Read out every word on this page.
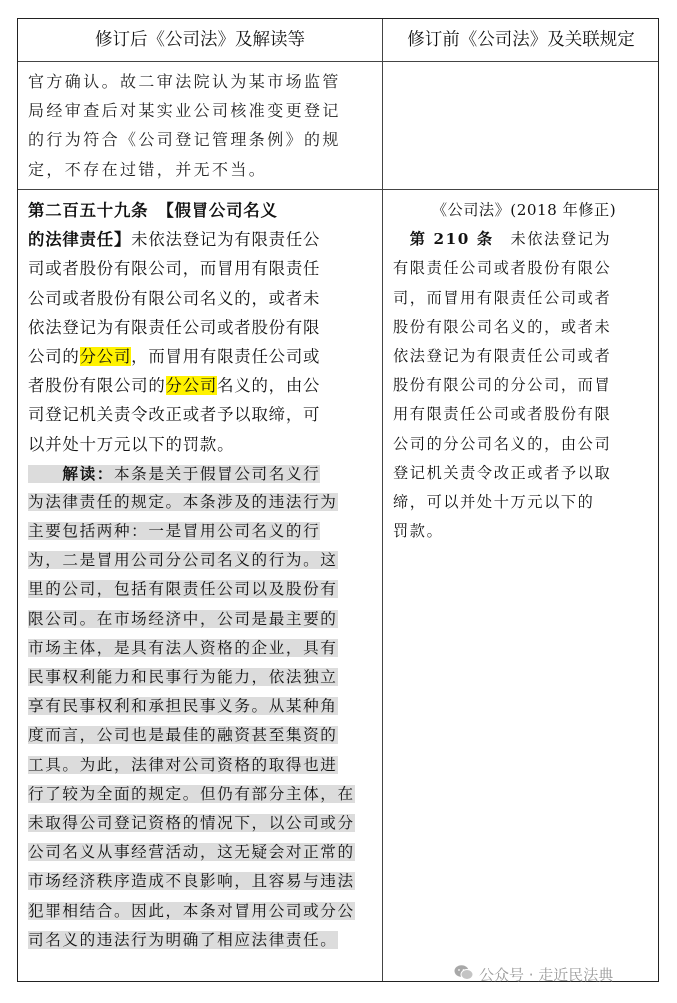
修订后《公司法》及解读等	修订前《公司法》及关联规定
官方确认。故二审法院认为某市场监管
局经审查后对某实业公司核准变更登记
的行为符合《公司登记管理条例》的规
定，不存在过错，并无不当。
第二百五十九条　【假冒公司名义
的法律责任】未依法登记为有限责任公
司或者股份有限公司，而冒用有限责任
公司或者股份有限公司名义的，或者未
依法登记为有限责任公司或者股份有限
公司的分公司，而冒用有限责任公司或
者股份有限公司的分公司名义的，由公
司登记机关责令改正或者予以取缔，可
以并处十万元以下的罚款。
　　解读：本条是关于假冒公司名义行
为法律责任的规定。本条涉及的违法行为
主要包括两种：一是冒用公司名义的行
为，二是冒用公司分公司名义的行为。这
里的公司，包括有限责任公司以及股份有
限公司。在市场经济中，公司是最主要的
市场主体，是具有法人资格的企业，具有
民事权利能力和民事行为能力，依法独立
享有民事权利和承担民事义务。从某种角
度而言，公司也是最佳的融资甚至集资的
工具。为此，法律对公司资格的取得也进
行了较为全面的规定。但仍有部分主体，在
未取得公司登记资格的情况下，以公司或分
公司名义从事经营活动，这无疑会对正常的
市场经济秩序造成不良影响，且容易与违法
犯罪相结合。因此，本条对冒用公司或分公
司名义的违法行为明确了相应法律责任。
《公司法》(2018 年修正)
　第 210 条　未依法登记为
有限责任公司或者股份有限公
司，而冒用有限责任公司或者
股份有限公司名义的，或者未
依法登记为有限责任公司或者
股份有限公司的分公司，而冒
用有限责任公司或者股份有限
公司的分公司名义的，由公司
登记机关责令改正或者予以取
缔，可以并处十万元以下的
罚款。
公众号 · 走近民法典
